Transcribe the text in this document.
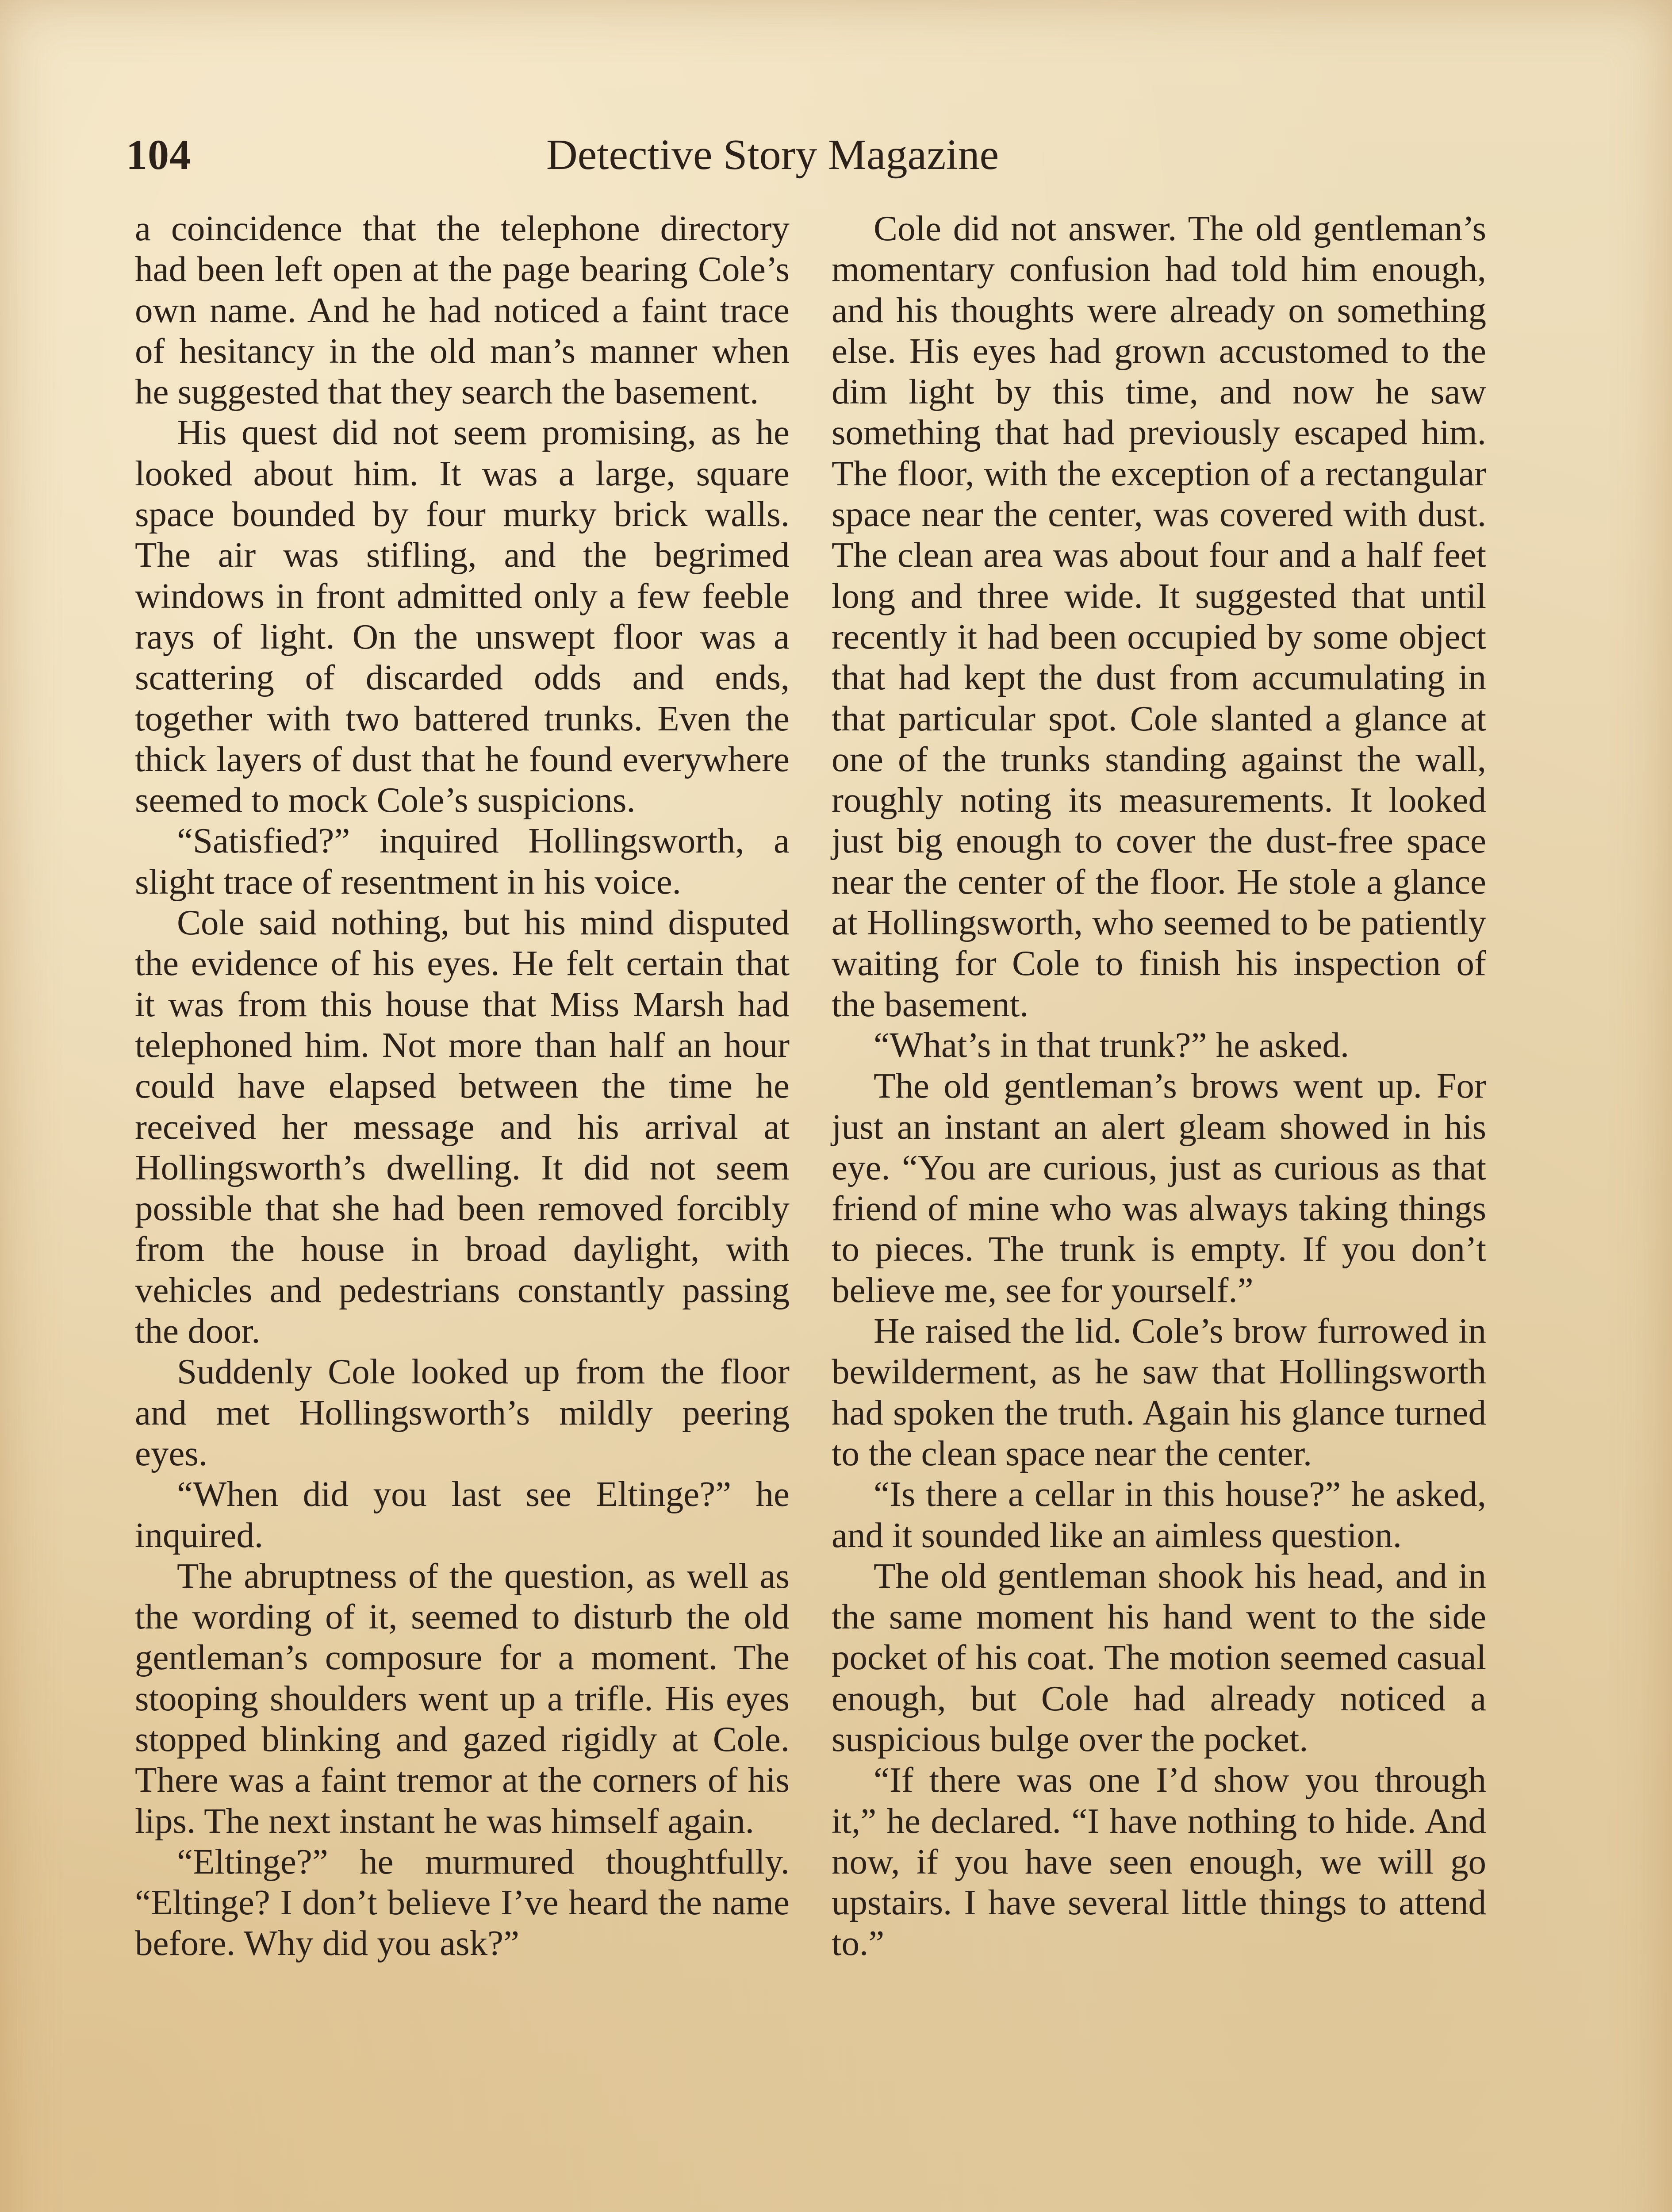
104	Detective Story Magazine

a coincidence that the telephone directory had been left open at the page bearing Cole’s own name. And he had noticed a faint trace of hesitancy in the old man’s manner when he suggested that they search the basement.

His quest did not seem promising, as he looked about him. It was a large, square space bounded by four murky brick walls. The air was stifling, and the begrimed windows in front admitted only a few feeble rays of light. On the unswept floor was a scattering of discarded odds and ends, together with two battered trunks. Even the thick layers of dust that he found everywhere seemed to mock Cole’s suspicions.

“Satisfied?” inquired Hollingsworth, a slight trace of resentment in his voice.

Cole said nothing, but his mind disputed the evidence of his eyes. He felt certain that it was from this house that Miss Marsh had telephoned him. Not more than half an hour could have elapsed between the time he received her message and his arrival at Hollingsworth’s dwelling. It did not seem possible that she had been removed forcibly from the house in broad daylight, with vehicles and pedestrians constantly passing the door.

Suddenly Cole looked up from the floor and met Hollingsworth’s mildly peering eyes.

“When did you last see Eltinge?” he inquired.

The abruptness of the question, as well as the wording of it, seemed to disturb the old gentleman’s composure for a moment. The stooping shoulders went up a trifle. His eyes stopped blinking and gazed rigidly at Cole. There was a faint tremor at the corners of his lips. The next instant he was himself again.

“Eltinge?” he murmured thoughtfully. “Eltinge? I don’t believe I’ve heard the name before. Why did you ask?”

Cole did not answer. The old gentleman’s momentary confusion had told him enough, and his thoughts were already on something else. His eyes had grown accustomed to the dim light by this time, and now he saw something that had previously escaped him. The floor, with the exception of a rectangular space near the center, was covered with dust. The clean area was about four and a half feet long and three wide. It suggested that until recently it had been occupied by some object that had kept the dust from accumulating in that particular spot. Cole slanted a glance at one of the trunks standing against the wall, roughly noting its measurements. It looked just big enough to cover the dust-free space near the center of the floor. He stole a glance at Hollingsworth, who seemed to be patiently waiting for Cole to finish his inspection of the basement.

“What’s in that trunk?” he asked.

The old gentleman’s brows went up. For just an instant an alert gleam showed in his eye. “You are curious, just as curious as that friend of mine who was always taking things to pieces. The trunk is empty. If you don’t believe me, see for yourself.”

He raised the lid. Cole’s brow furrowed in bewilderment, as he saw that Hollingsworth had spoken the truth. Again his glance turned to the clean space near the center.

“Is there a cellar in this house?” he asked, and it sounded like an aimless question.

The old gentleman shook his head, and in the same moment his hand went to the side pocket of his coat. The motion seemed casual enough, but Cole had already noticed a suspicious bulge over the pocket.

“If there was one I’d show you through it,” he declared. “I have nothing to hide. And now, if you have seen enough, we will go upstairs. I have several little things to attend to.”
